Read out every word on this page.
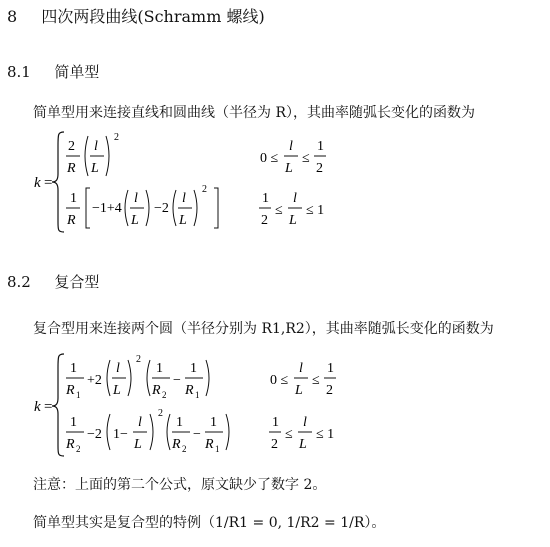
8 四次两段曲线(Schramm 螺线)
8.1 简单型
简单型用来连接直线和圆曲线（半径为 R），其曲率随弧长变化的函数为
k =
2
R
l
L
2
1
R
−1+4
l
L
−2
l
L
2
0 ≤
l
L
≤
1
2
1
2
≤
l
L
≤ 1
8.2 复合型
复合型用来连接两个圆（半径分别为 R1,R2），其曲率随弧长变化的函数为
k =
1
R 1
+2
l
L
2
1
R 2
−
1
R 1
1
R 2
−2 1−
l
L
2
1
R 2
−
1
R 1
0 ≤
l
L
≤
1
2
1
2
≤
l
L
≤ 1
注意：上面的第二个公式，原文缺少了数字 2。
简单型其实是复合型的特例（1/R1 = 0, 1/R2 = 1/R）。
